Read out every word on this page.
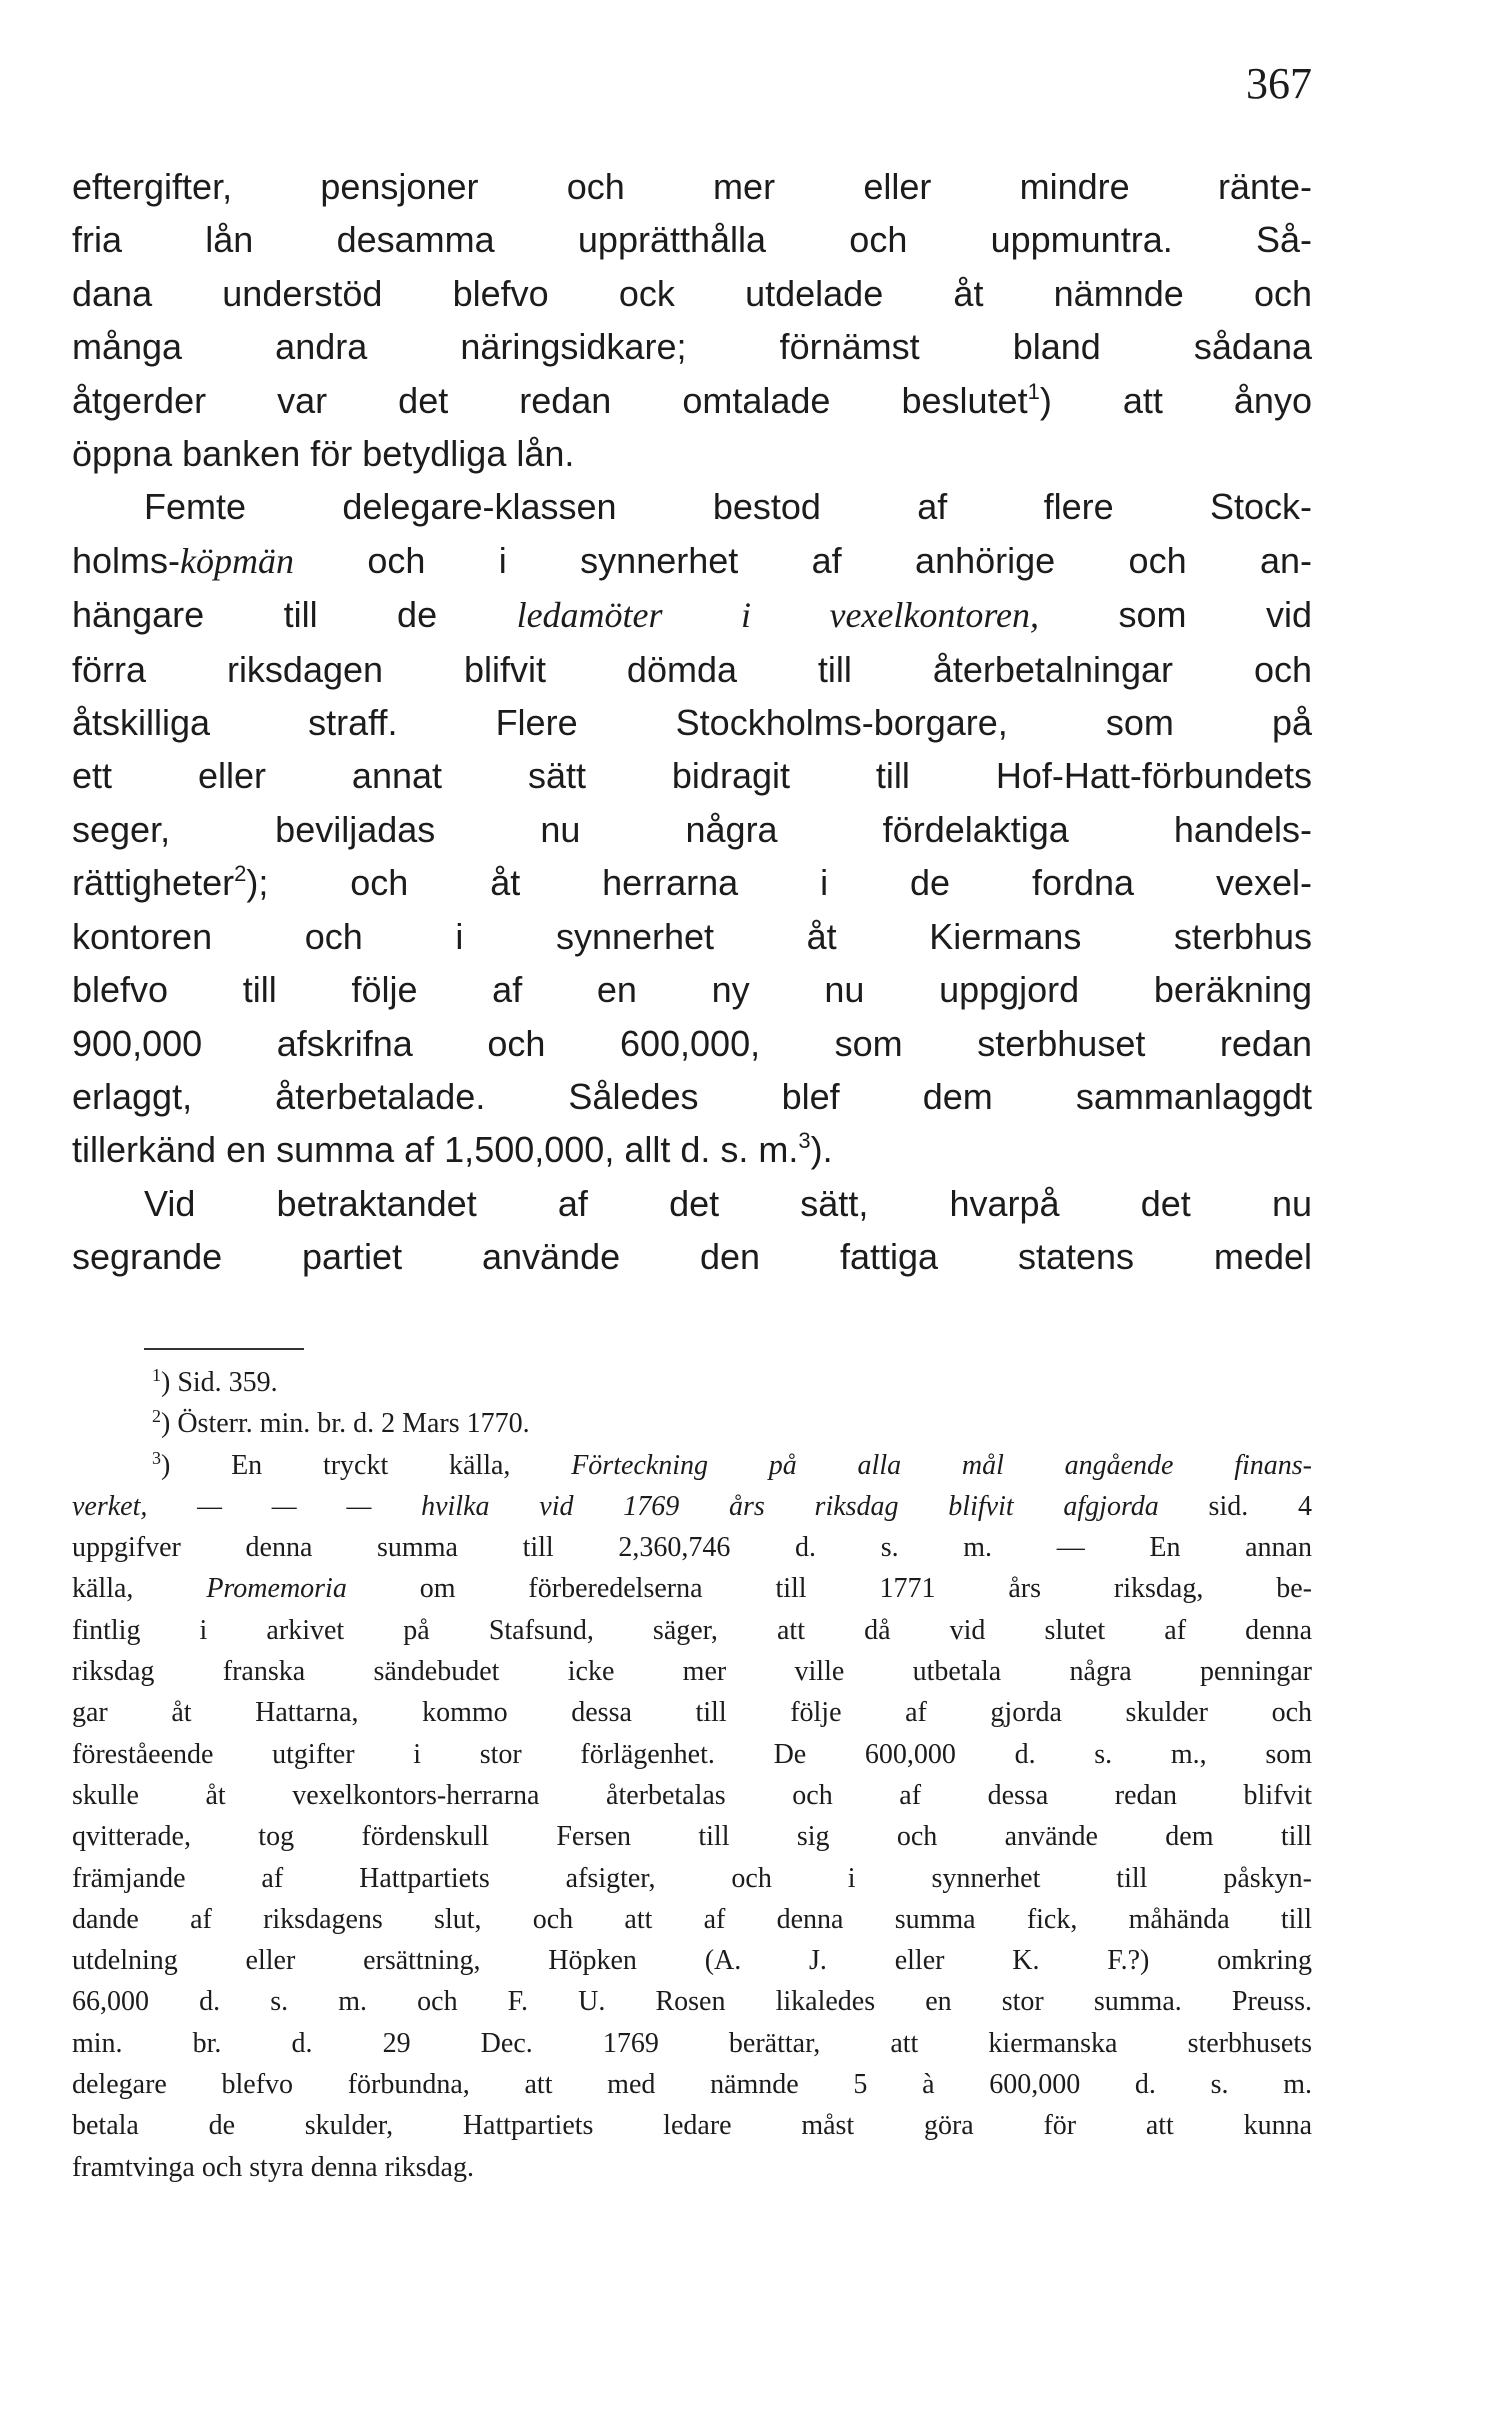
367
eftergifter, pensjoner och mer eller mindre ränte-
fria lån desamma upprätthålla och uppmuntra. Så-
dana understöd blefvo ock utdelade åt nämnde och
många andra näringsidkare; förnämst bland sådana
åtgerder var det redan omtalade beslutet$^1$) att ånyo
öppna banken för betydliga lån.
Femte delegare-klassen bestod af flere Stock-
holms-köpmän och i synnerhet af anhörige och an-
hängare till de ledamöter i vexelkontoren, som vid
förra riksdagen blifvit dömda till återbetalningar och
åtskilliga straff. Flere Stockholms-borgare, som på
ett eller annat sätt bidragit till Hof-Hatt-förbundets
seger, beviljadas nu några fördelaktiga handels-
rättigheter$^2$); och åt herrarna i de fordna vexel-
kontoren och i synnerhet åt Kiermans sterbhus
blefvo till följe af en ny nu uppgjord beräkning
900,000 afskrifna och 600,000, som sterbhuset redan
erlaggt, återbetalade. Således blef dem sammanlaggdt
tillerkänd en summa af 1,500,000, allt d. s. m.$^3$).
Vid betraktandet af det sätt, hvarpå det nu
segrande partiet använde den fattiga statens medel
$^1$) Sid. 359.
$^2$) Österr. min. br. d. 2 Mars 1770.
$^3$) En tryckt källa, Förteckning på alla mål angående finans-
verket, — — — hvilka vid 1769 års riksdag blifvit afgjorda sid. 4
uppgifver denna summa till 2,360,746 d. s. m. — En annan
källa, Promemoria om förberedelserna till 1771 års riksdag, be-
fintlig i arkivet på Stafsund, säger, att då vid slutet af denna
riksdag franska sändebudet icke mer ville utbetala några penningar
gar åt Hattarna, kommo dessa till följe af gjorda skulder och
föreståeende utgifter i stor förlägenhet. De 600,000 d. s. m., som
skulle åt vexelkontors-herrarna återbetalas och af dessa redan blifvit
qvitterade, tog fördenskull Fersen till sig och använde dem till
främjande af Hattpartiets afsigter, och i synnerhet till påskyn-
dande af riksdagens slut, och att af denna summa fick, måhända till
utdelning eller ersättning, Höpken (A. J. eller K. F.?) omkring
66,000 d. s. m. och F. U. Rosen likaledes en stor summa. Preuss.
min. br. d. 29 Dec. 1769 berättar, att kiermanska sterbhusets
delegare blefvo förbundna, att med nämnde 5 à 600,000 d. s. m.
betala de skulder, Hattpartiets ledare måst göra för att kunna
framtvinga och styra denna riksdag.
